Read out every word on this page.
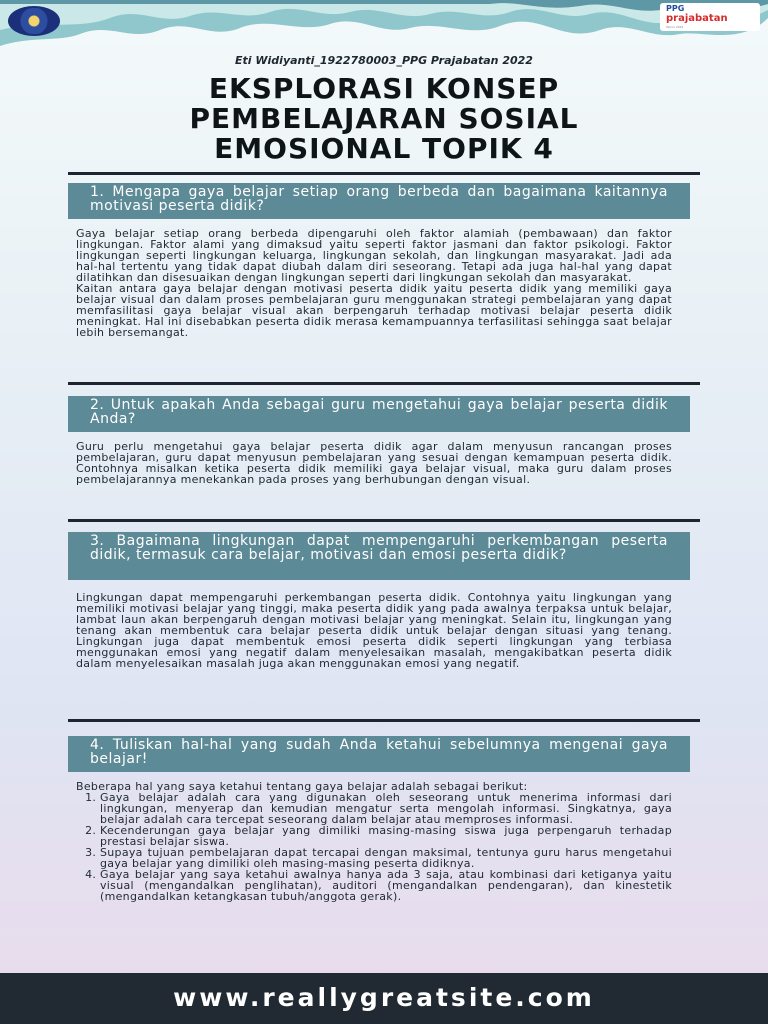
PPG
prajabatan
Tahun 2022
Eti Widiyanti_1922780003_PPG Prajabatan 2022
EKSPLORASI KONSEP
PEMBELAJARAN SOSIAL
EMOSIONAL TOPIK 4
1. Mengapa gaya belajar setiap orang berbeda dan bagaimana kaitannya motivasi peserta didik?

Gaya belajar setiap orang berbeda dipengaruhi oleh faktor alamiah (pembawaan) dan faktor lingkungan. Faktor alami yang dimaksud yaitu seperti faktor jasmani dan faktor psikologi. Faktor lingkungan seperti lingkungan keluarga, lingkungan sekolah, dan lingkungan masyarakat. Jadi ada hal-hal tertentu yang tidak dapat diubah dalam diri seseorang. Tetapi ada juga hal-hal yang dapat dilatihkan dan disesuaikan dengan lingkungan seperti dari lingkungan sekolah dan masyarakat.

Kaitan antara gaya belajar dengan motivasi peserta didik yaitu peserta didik yang memiliki gaya belajar visual dan dalam proses pembelajaran guru menggunakan strategi pembelajaran yang dapat memfasilitasi gaya belajar visual akan berpengaruh terhadap motivasi belajar peserta didik meningkat. Hal ini disebabkan peserta didik merasa kemampuannya terfasilitasi sehingga saat belajar lebih bersemangat.

2. Untuk apakah Anda sebagai guru mengetahui gaya belajar peserta didik Anda?

Guru perlu mengetahui gaya belajar peserta didik agar dalam menyusun rancangan proses pembelajaran, guru dapat menyusun pembelajaran yang sesuai dengan kemampuan peserta didik. Contohnya misalkan ketika peserta didik memiliki gaya belajar visual, maka guru dalam proses pembelajarannya menekankan pada proses yang berhubungan dengan visual.

3. Bagaimana lingkungan dapat mempengaruhi perkembangan peserta didik, termasuk cara belajar, motivasi dan emosi peserta didik?

Lingkungan dapat mempengaruhi perkembangan peserta didik. Contohnya yaitu lingkungan yang memiliki motivasi belajar yang tinggi, maka peserta didik yang pada awalnya terpaksa untuk belajar, lambat laun akan berpengaruh dengan motivasi belajar yang meningkat. Selain itu, lingkungan yang tenang akan membentuk cara belajar peserta didik untuk belajar dengan situasi yang tenang. Lingkungan juga dapat membentuk emosi peserta didik seperti lingkungan yang terbiasa menggunakan emosi yang negatif dalam menyelesaikan masalah, mengakibatkan peserta didik dalam menyelesaikan masalah juga akan menggunakan emosi yang negatif.

4. Tuliskan hal-hal yang sudah Anda ketahui sebelumnya mengenai gaya belajar!

Beberapa hal yang saya ketahui tentang gaya belajar adalah sebagai berikut:

1. Gaya belajar adalah cara yang digunakan oleh seseorang untuk menerima informasi dari lingkungan, menyerap dan kemudian mengatur serta mengolah informasi. Singkatnya, gaya belajar adalah cara tercepat seseorang dalam belajar atau memproses informasi.
2. Kecenderungan gaya belajar yang dimiliki masing-masing siswa juga perpengaruh terhadap prestasi belajar siswa.
3. Supaya tujuan pembelajaran dapat tercapai dengan maksimal, tentunya guru harus mengetahui gaya belajar yang dimiliki oleh masing-masing peserta didiknya.
4. Gaya belajar yang saya ketahui awalnya hanya ada 3 saja, atau kombinasi dari ketiganya yaitu visual (mengandalkan penglihatan), auditori (mengandalkan pendengaran), dan kinestetik (mengandalkan ketangkasan tubuh/anggota gerak).
www.reallygreatsite.com
